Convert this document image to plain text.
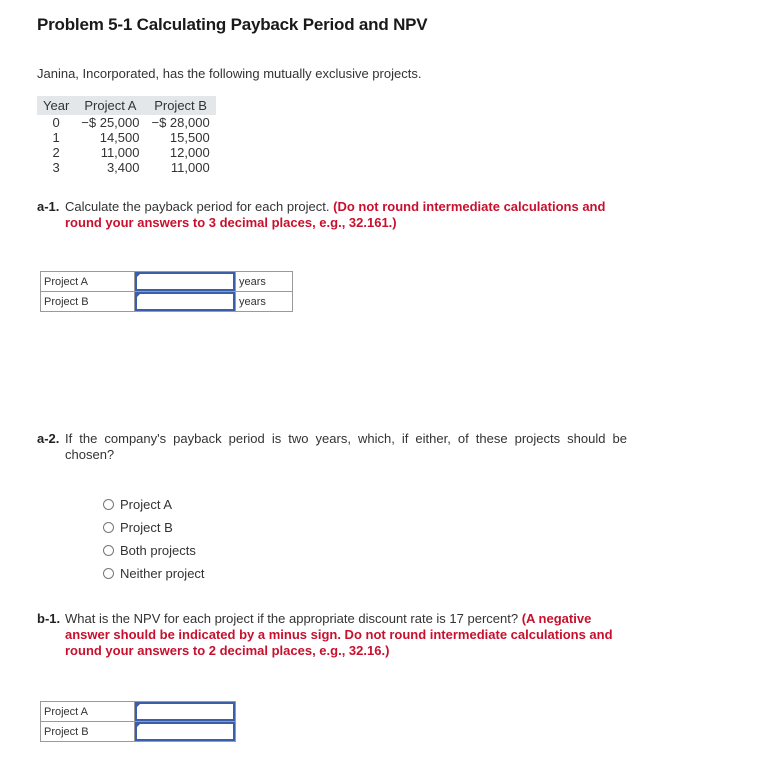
Problem 5-1 Calculating Payback Period and NPV
Janina, Incorporated, has the following mutually exclusive projects.
Year	Project A	Project B
0	−$ 25,000	−$ 28,000
1	14,500	15,500
2	11,000	12,000
3	3,400	11,000
a-1. Calculate the payback period for each project. (Do not round intermediate calculations and round your answers to 3 decimal places, e.g., 32.161.)
Project A		years
Project B		years
a-2. If the company's payback period is two years, which, if either, of these projects should be chosen?
Project A
Project B
Both projects
Neither project
b-1. What is the NPV for each project if the appropriate discount rate is 17 percent? (A negative answer should be indicated by a minus sign. Do not round intermediate calculations and round your answers to 2 decimal places, e.g., 32.16.)
Project A	

Project B	
